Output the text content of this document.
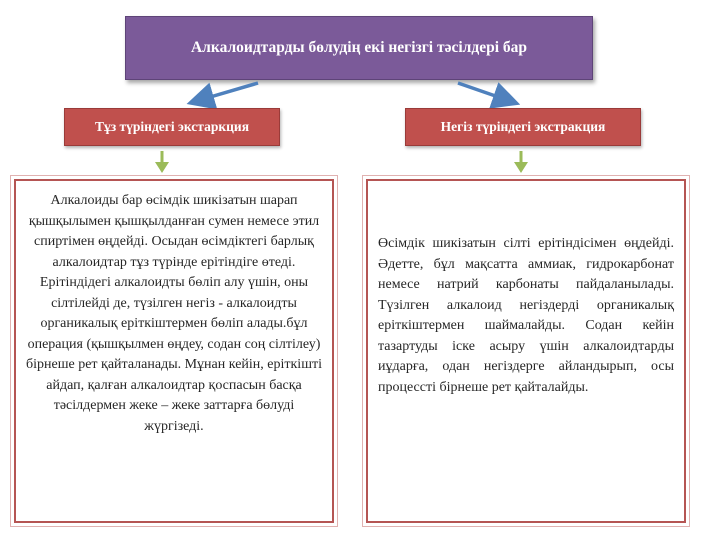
Алкалоидтарды бөлудің екі негізгі тәсілдері бар
Тұз түріндегі экстаркция	Негіз түріндегі экстракция
Алкалоиды бар өсімдік шикізатын шарап қышқылымен қышқылданған сумен немесе этил спиртімен өңдейді. Осыдан өсімдіктегі барлық алкалоидтар тұз түрінде ерітіндіге өтеді. Ерітіндідегі алкалоидты бөліп алу үшін, оны сілтілейді де, түзілген негіз - алкалоидты органикалық еріткіштермен бөліп алады.бұл операция (қышқылмен өңдеу, содан соң сілтілеу) бірнеше рет қайталанады. Мұнан кейін, еріткішті айдап, қалған алкалоидтар қоспасын басқа тәсілдермен жеке – жеке заттарға бөлуді жүргізеді.
Өсімдік шикізатын сілті ерітіндісімен өңдейді. Әдетте, бұл мақсатта аммиак, гидрокарбонат немесе натрий карбонаты пайдаланылады. Түзілген алкалоид негіздерді органикалық еріткіштермен шаймалайды. Содан кейін тазартуды іске асыру үшін алкалоидтарды иұдарға, одан негіздерге айландырып, осы процессті бірнеше рет қайталайды.
